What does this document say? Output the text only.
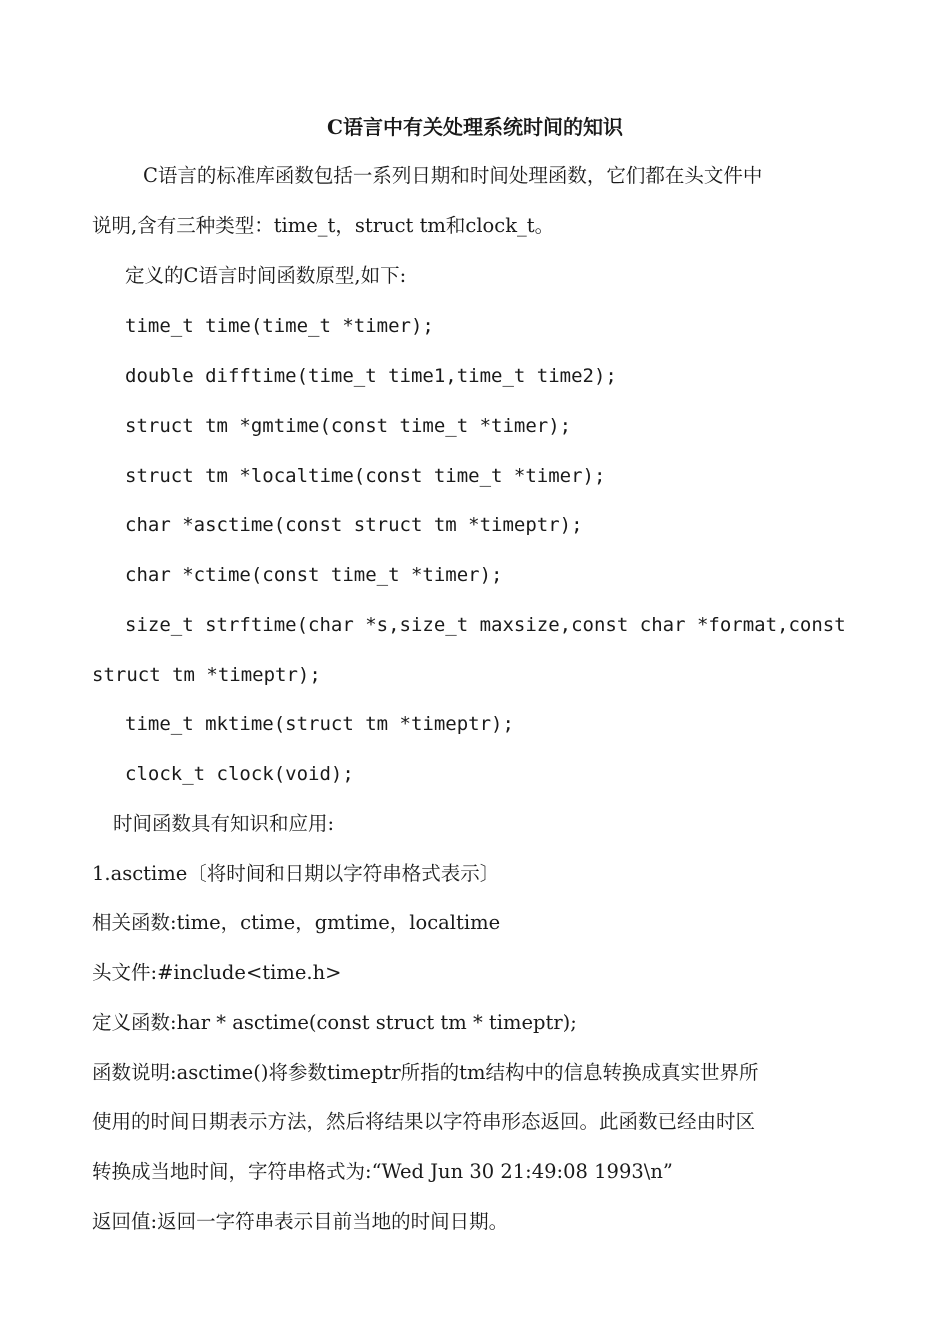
C语言中有关处理系统时间的知识
C语言的标准库函数包括一系列日期和时间处理函数，它们都在头文件中
说明,含有三种类型：time_t，struct tm和clock_t。
定义的C语言时间函数原型,如下:
time_t time(time_t *timer);
double difftime(time_t time1,time_t time2);
struct tm *gmtime(const time_t *timer);
struct tm *localtime(const time_t *timer);
char *asctime(const struct tm *timeptr);
char *ctime(const time_t *timer);
size_t strftime(char *s,size_t maxsize,const char *format,const
struct tm *timeptr);
time_t mktime(struct tm *timeptr);
clock_t clock(void);
时间函数具有知识和应用:
1.asctime〔将时间和日期以字符串格式表示〕
相关函数:time，ctime，gmtime，localtime
头文件:#include<time.h>
定义函数:har * asctime(const struct tm * timeptr);
函数说明:asctime()将参数timeptr所指的tm结构中的信息转换成真实世界所
使用的时间日期表示方法，然后将结果以字符串形态返回。此函数已经由时区
转换成当地时间，字符串格式为:“Wed Jun 30 21:49:08 1993\n”
返回值:返回一字符串表示目前当地的时间日期。
